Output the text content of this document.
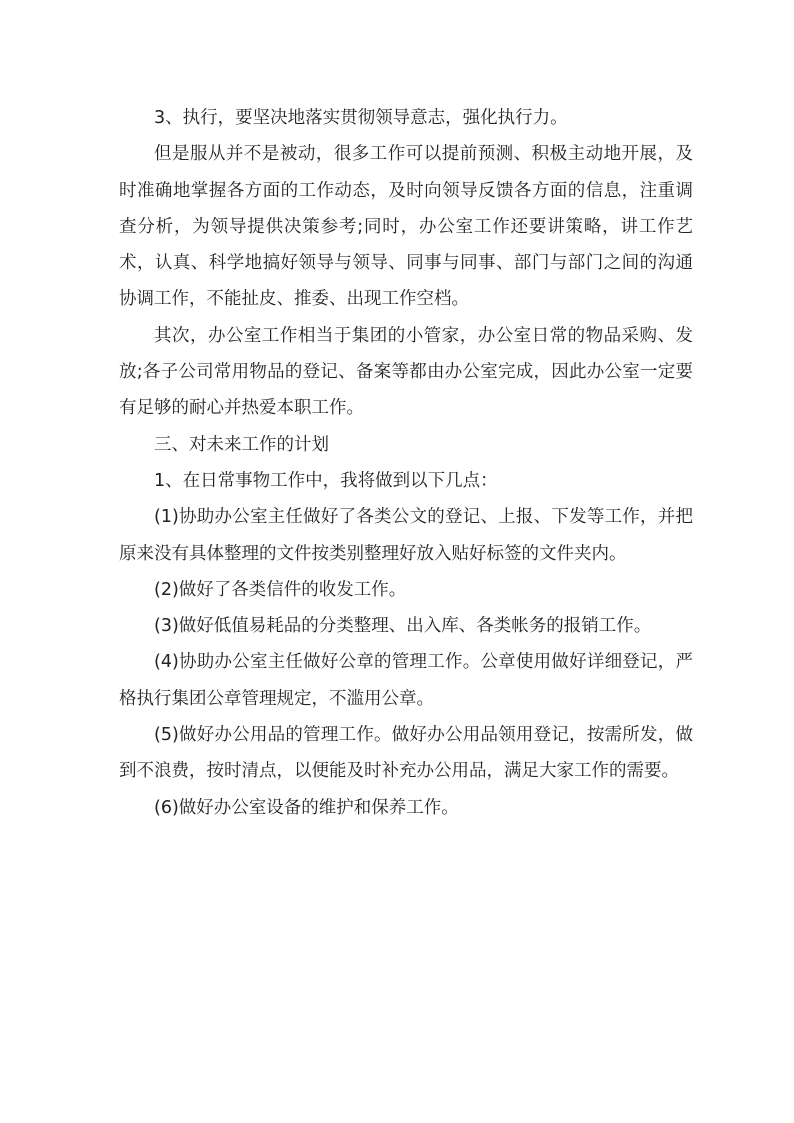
3、执行，要坚决地落实贯彻领导意志，强化执行力。

但是服从并不是被动，很多工作可以提前预测、积极主动地开展，及时准确地掌握各方面的工作动态，及时向领导反馈各方面的信息，注重调查分析，为领导提供决策参考;同时，办公室工作还要讲策略，讲工作艺术，认真、科学地搞好领导与领导、同事与同事、部门与部门之间的沟通协调工作，不能扯皮、推委、出现工作空档。

其次，办公室工作相当于集团的小管家，办公室日常的物品采购、发放;各子公司常用物品的登记、备案等都由办公室完成，因此办公室一定要有足够的耐心并热爱本职工作。

三、对未来工作的计划

1、在日常事物工作中，我将做到以下几点：

(1)协助办公室主任做好了各类公文的登记、上报、下发等工作，并把原来没有具体整理的文件按类别整理好放入贴好标签的文件夹内。

(2)做好了各类信件的收发工作。

(3)做好低值易耗品的分类整理、出入库、各类帐务的报销工作。

(4)协助办公室主任做好公章的管理工作。公章使用做好详细登记，严格执行集团公章管理规定，不滥用公章。

(5)做好办公用品的管理工作。做好办公用品领用登记，按需所发，做到不浪费，按时清点，以便能及时补充办公用品，满足大家工作的需要。

(6)做好办公室设备的维护和保养工作。
